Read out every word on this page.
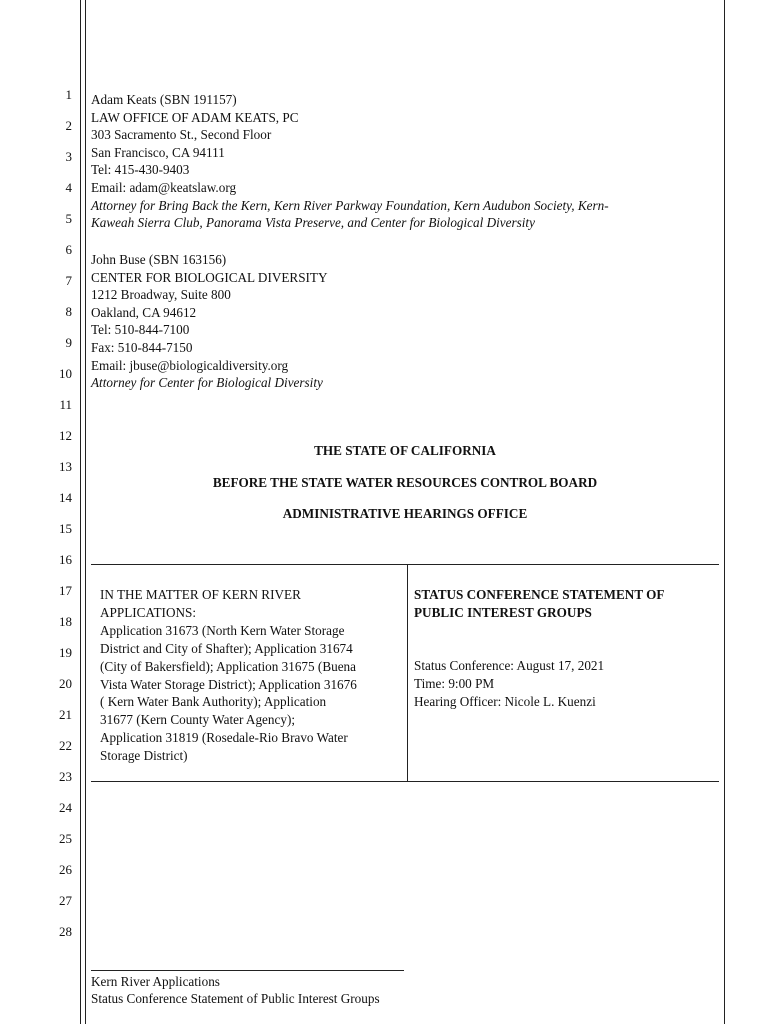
1
2
3
4
5
6
7
8
9
10
11
12
13
14
15
16
17
18
19
20
21
22
23
24
25
26
27
28
Adam Keats (SBN 191157)
LAW OFFICE OF ADAM KEATS, PC
303 Sacramento St., Second Floor
San Francisco, CA 94111
Tel: 415-430-9403
Email: adam@keatslaw.org
Attorney for Bring Back the Kern, Kern River Parkway Foundation, Kern Audubon Society, Kern-
Kaweah Sierra Club, Panorama Vista Preserve, and Center for Biological Diversity
John Buse (SBN 163156)
CENTER FOR BIOLOGICAL DIVERSITY
1212 Broadway, Suite 800
Oakland, CA 94612
Tel: 510-844-7100
Fax: 510-844-7150
Email: jbuse@biologicaldiversity.org
Attorney for Center for Biological Diversity
THE STATE OF CALIFORNIA
BEFORE THE STATE WATER RESOURCES CONTROL BOARD
ADMINISTRATIVE HEARINGS OFFICE
IN THE MATTER OF KERN RIVER
APPLICATIONS:
Application 31673 (North Kern Water Storage
District and City of Shafter); Application 31674
(City of Bakersfield); Application 31675 (Buena
Vista Water Storage District); Application 31676
( Kern Water Bank Authority); Application
31677 (Kern County Water Agency);
Application 31819 (Rosedale-Rio Bravo Water
Storage District)
STATUS CONFERENCE STATEMENT OF
PUBLIC INTEREST GROUPS
Status Conference: August 17, 2021
Time: 9:00 PM
Hearing Officer: Nicole L. Kuenzi
Kern River Applications
Status Conference Statement of Public Interest Groups
